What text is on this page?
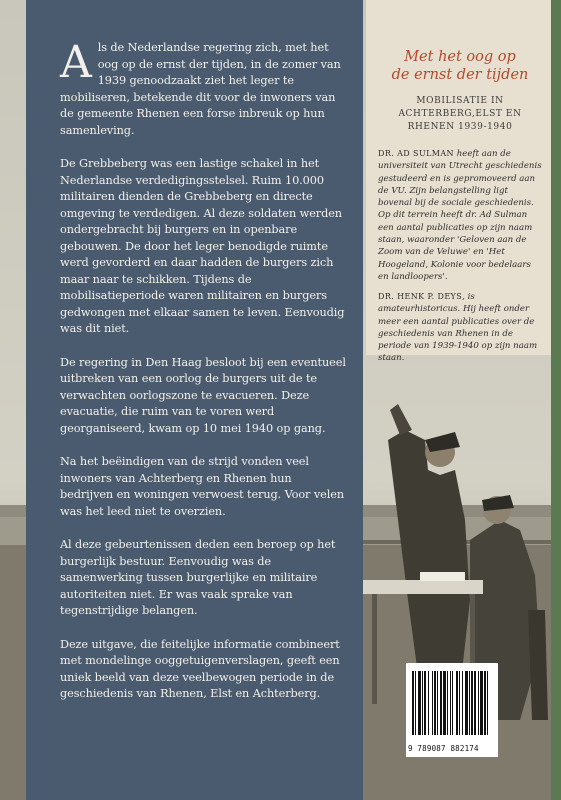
Als de Nederlandse regering zich, met het oog op de ernst der tijden, in de zomer van 1939 genoodzaakt ziet het leger te mobiliseren, betekende dit voor de inwoners van de gemeente Rhenen een forse inbreuk op hun samenleving.

De Grebbeberg was een lastige schakel in het Nederlandse verdedigingsstelsel. Ruim 10.000 militairen dienden de Grebbeberg en directe omgeving te verdedigen. Al deze soldaten werden ondergebracht bij burgers en in openbare gebouwen. De door het leger benodigde ruimte werd gevorderd en daar hadden de burgers zich maar naar te schikken. Tijdens de mobilisatieperiode waren militairen en burgers gedwongen met elkaar samen te leven. Eenvoudig was dit niet.

De regering in Den Haag besloot bij een eventueel uitbreken van een oorlog de burgers uit de te verwachten oorlogszone te evacueren. Deze evacuatie, die ruim van te voren werd georganiseerd, kwam op 10 mei 1940 op gang.

Na het beëindigen van de strijd vonden veel inwoners van Achterberg en Rhenen hun bedrijven en woningen verwoest terug. Voor velen was het leed niet te overzien.

Al deze gebeurtenissen deden een beroep op het burgerlijk bestuur. Eenvoudig was de samenwerking tussen burgerlijke en militaire autoriteiten niet. Er was vaak sprake van tegenstrijdige belangen.

Deze uitgave, die feitelijke informatie combineert met mondelinge ooggetuigenverslagen, geeft een uniek beeld van deze veelbewogen periode in de geschiedenis van Rhenen, Elst en Achterberg.

Met het oog op
de ernst der tijden
MOBILISATIE IN
ACHTERBERG,ELST EN
RHENEN 1939-1940
DR. AD SULMAN heeft aan de universiteit van Utrecht geschiedenis gestudeerd en is gepromoveerd aan de VU. Zijn belangstelling ligt bovenal bij de sociale geschiedenis. Op dit terrein heeft dr. Ad Sulman een aantal publicaties op zijn naam staan, waaronder 'Geloven aan de Zoom van de Veluwe' en 'Het Hoogeland, Kolonie voor bedelaars en landloopers'.
DR. HENK P. DEYS, is amateurhistoricus. Hij heeft onder meer een aantal publicaties over de geschiedenis van Rhenen in de periode van 1939-1940 op zijn naam staan.
9 789087 882174
